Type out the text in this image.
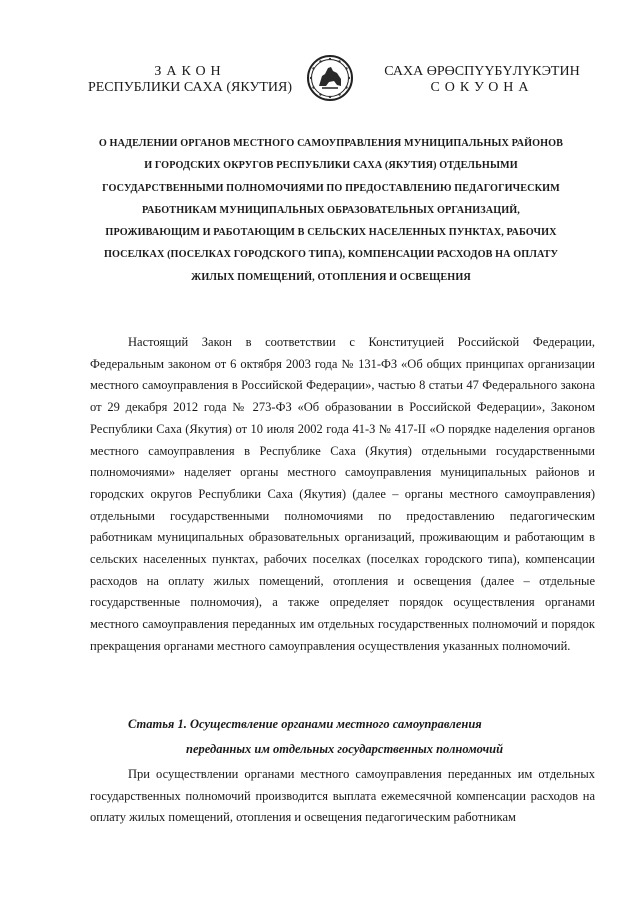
ЗАКОН
РЕСПУБЛИКИ САХА (ЯКУТИЯ)
САХА ӨРӨСПҮҮБҮЛҮКЭТИН
СОКУОНА
О НАДЕЛЕНИИ ОРГАНОВ МЕСТНОГО САМОУПРАВЛЕНИЯ МУНИЦИПАЛЬНЫХ РАЙОНОВ И ГОРОДСКИХ ОКРУГОВ РЕСПУБЛИКИ САХА (ЯКУТИЯ) ОТДЕЛЬНЫМИ ГОСУДАРСТВЕННЫМИ ПОЛНОМОЧИЯМИ ПО ПРЕДОСТАВЛЕНИЮ ПЕДАГОГИЧЕСКИМ РАБОТНИКАМ МУНИЦИПАЛЬНЫХ ОБРАЗОВАТЕЛЬНЫХ ОРГАНИЗАЦИЙ, ПРОЖИВАЮЩИМ И РАБОТАЮЩИМ В СЕЛЬСКИХ НАСЕЛЕННЫХ ПУНКТАХ, РАБОЧИХ ПОСЕЛКАХ (ПОСЕЛКАХ ГОРОДСКОГО ТИПА), КОМПЕНСАЦИИ РАСХОДОВ НА ОПЛАТУ ЖИЛЫХ ПОМЕЩЕНИЙ, ОТОПЛЕНИЯ И ОСВЕЩЕНИЯ

Настоящий Закон в соответствии с Конституцией Российской Федерации, Федеральным законом от 6 октября 2003 года № 131-ФЗ «Об общих принципах организации местного самоуправления в Российской Федерации», частью 8 статьи 47 Федерального закона от 29 декабря 2012 года № 273-ФЗ «Об образовании в Российской Федерации», Законом Республики Саха (Якутия) от 10 июля 2002 года 41-З № 417-II «О порядке наделения органов местного самоуправления в Республике Саха (Якутия) отдельными государственными полномочиями» наделяет органы местного самоуправления муниципальных районов и городских округов Республики Саха (Якутия) (далее – органы местного самоуправления) отдельными государственными полномочиями по предоставлению педагогическим работникам муниципальных образовательных организаций, проживающим и работающим в сельских населенных пунктах, рабочих поселках (поселках городского типа), компенсации расходов на оплату жилых помещений, отопления и освещения (далее – отдельные государственные полномочия), а также определяет порядок осуществления органами местного самоуправления переданных им отдельных государственных полномочий и порядок прекращения органами местного самоуправления осуществления указанных полномочий.

Статья 1. Осуществление органами местного самоуправления
переданных им отдельных государственных полномочий

При осуществлении органами местного самоуправления переданных им отдельных государственных полномочий производится выплата ежемесячной компенсации расходов на оплату жилых помещений, отопления и освещения педагогическим работникам
